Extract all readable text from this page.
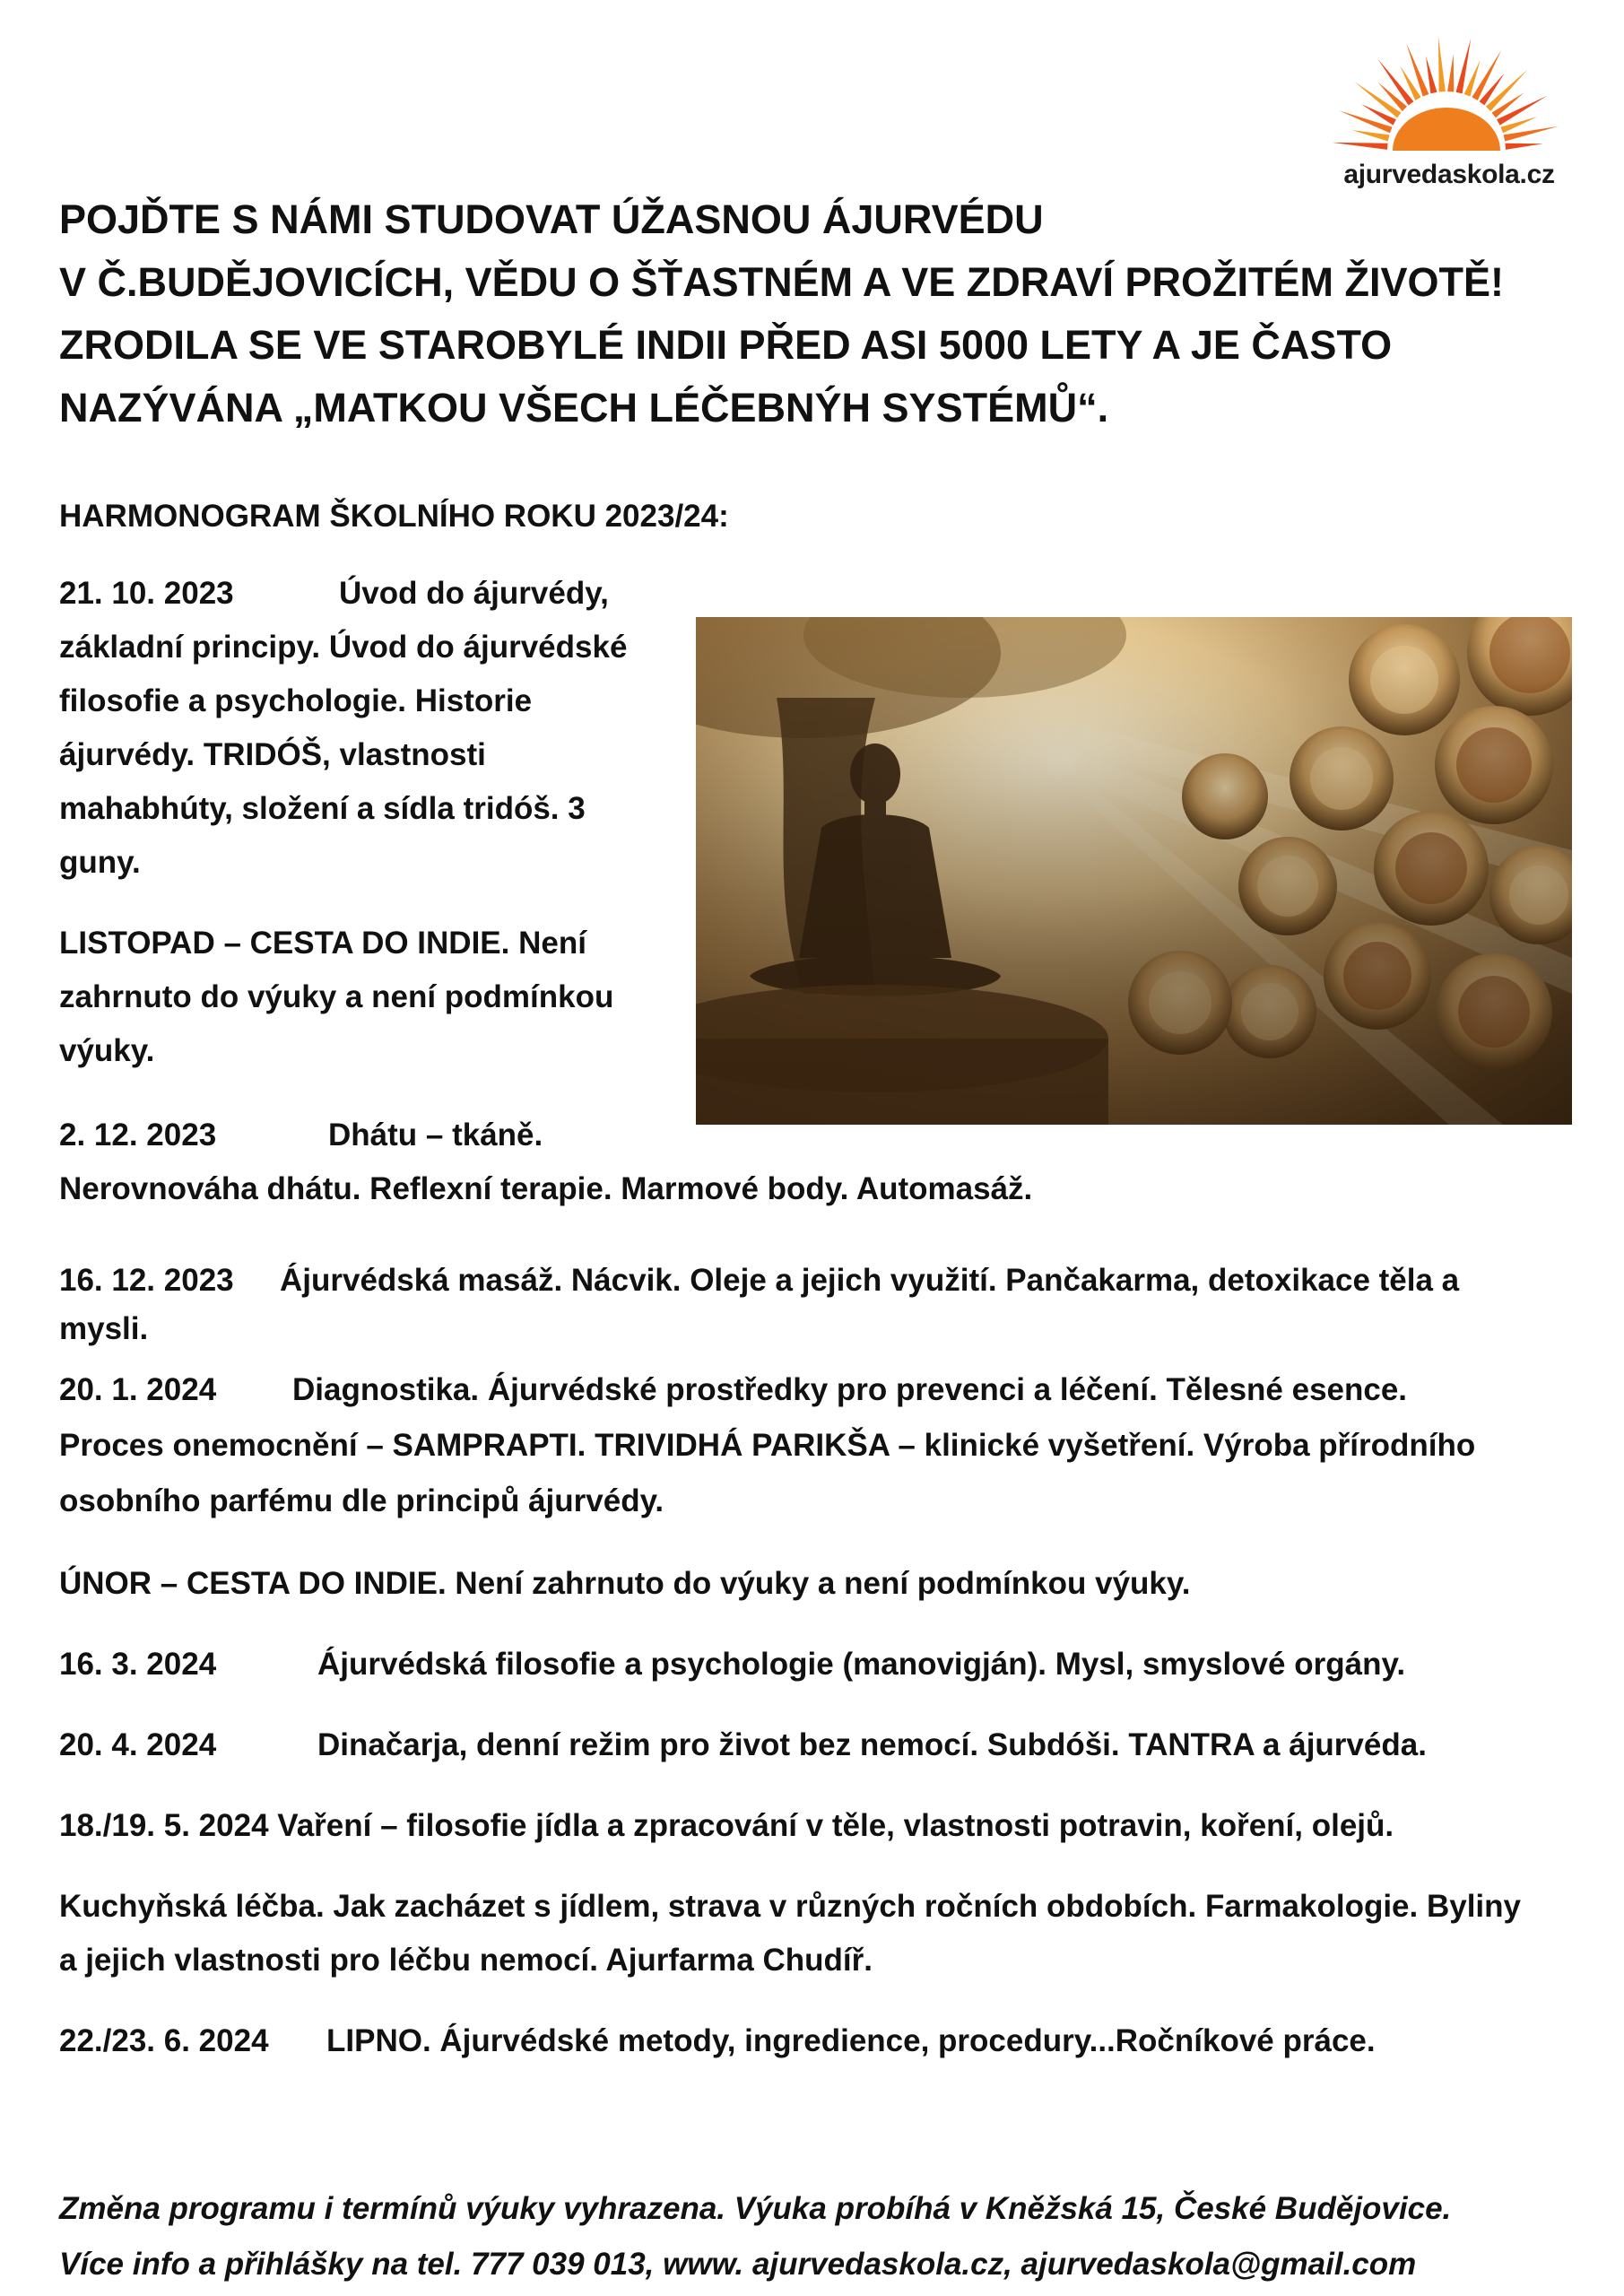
ajurvedaskola.cz
POJĎTE S NÁMI STUDOVAT ÚŽASNOU ÁJURVÉDU
V Č.BUDĚJOVICÍCH, VĚDU O ŠŤASTNÉM A VE ZDRAVÍ PROŽITÉM ŽIVOTĚ!
ZRODILA SE VE STAROBYLÉ INDII PŘED ASI 5000 LETY A JE ČASTO
NAZÝVÁNA „MATKOU VŠECH LÉČEBNÝH SYSTÉMŮ“.
HARMONOGRAM ŠKOLNÍHO ROKU 2023/24:

21. 10. 2023	Úvod do ájurvédy,

základní principy. Úvod do ájurvédské

filosofie a psychologie. Historie

ájurvédy. TRIDÓŠ, vlastnosti

mahabhúty, složení a sídla tridóš. 3

guny.

LISTOPAD – CESTA DO INDIE. Není

zahrnuto do výuky a není podmínkou

výuky.

2. 12. 2023	Dhátu – tkáně.

Nerovnováha dhátu. Reflexní terapie. Marmové body. Automasáž.

16. 12. 2023 Ájurvédská masáž. Nácvik. Oleje a jejich využití. Pančakarma, detoxikace těla a

mysli.

20. 1. 2024 Diagnostika. Ájurvédské prostředky pro prevenci a léčení. Tělesné esence.

Proces onemocnění – SAMPRAPTI. TRIVIDHÁ PARIKŠA – klinické vyšetření. Výroba přírodního

osobního parfému dle principů ájurvédy.

ÚNOR – CESTA DO INDIE. Není zahrnuto do výuky a není podmínkou výuky.

16. 3. 2024	Ájurvédská filosofie a psychologie (manovigján). Mysl, smyslové orgány.

20. 4. 2024	Dinačarja, denní režim pro život bez nemocí. Subdóši. TANTRA a ájurvéda.

18./19. 5. 2024 Vaření – filosofie jídla a zpracování v těle, vlastnosti potravin, koření, olejů.

Kuchyňská léčba. Jak zacházet s jídlem, strava v různých ročních obdobích. Farmakologie. Byliny

a jejich vlastnosti pro léčbu nemocí. Ajurfarma Chudíř.

22./23. 6. 2024 LIPNO. Ájurvédské metody, ingredience, procedury...Ročníkové práce.

Změna programu i termínů výuky vyhrazena. Výuka probíhá v Kněžská 15, České Budějovice.
Více info a přihlášky na tel. 777 039 013, www. ajurvedaskola.cz, ajurvedaskola@gmail.com
